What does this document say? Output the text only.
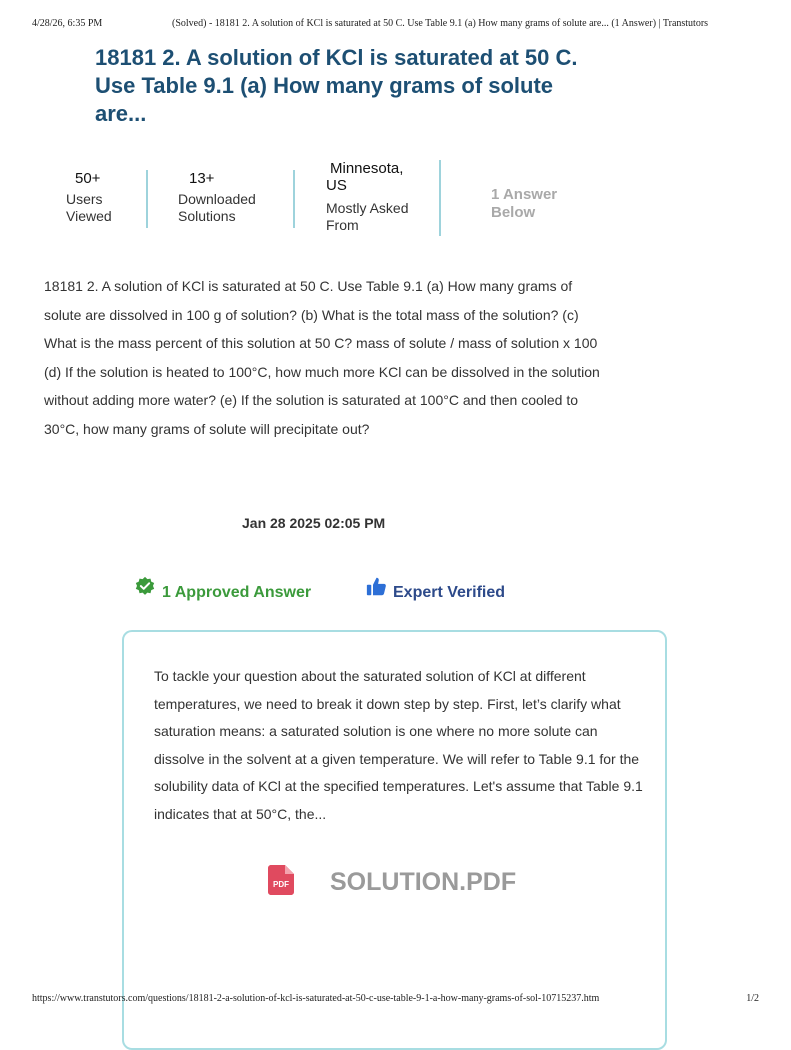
4/28/26, 6:35 PM	(Solved) - 18181 2. A solution of KCl is saturated at 50 C. Use Table 9.1 (a) How many grams of solute are... (1 Answer) | Transtutors
18181 2. A solution of KCl is saturated at 50 C. Use Table 9.1 (a) How many grams of solute are...
50+
Users Viewed
13+
Downloaded Solutions
Minnesota, US
Mostly Asked From
1 Answer Below

18181 2. A solution of KCl is saturated at 50 C. Use Table 9.1 (a) How many grams of solute are dissolved in 100 g of solution? (b) What is the total mass of the solution? (c) What is the mass percent of this solution at 50 C? mass of solute / mass of solution x 100 (d) If the solution is heated to 100°C, how much more KCl can be dissolved in the solution without adding more water? (e) If the solution is saturated at 100°C and then cooled to 30°C, how many grams of solute will precipitate out?

Jan 28 2025 02:05 PM
1 Approved Answer	Expert Verified

To tackle your question about the saturated solution of KCl at different temperatures, we need to break it down step by step. First, let’s clarify what saturation means: a saturated solution is one where no more solute can dissolve in the solvent at a given temperature. We will refer to Table 9.1 for the solubility data of KCl at the specified temperatures. Let's assume that Table 9.1 indicates that at 50°C, the...

PDF SOLUTION.PDF
https://www.transtutors.com/questions/18181-2-a-solution-of-kcl-is-saturated-at-50-c-use-table-9-1-a-how-many-grams-of-sol-10715237.htm	1/2
